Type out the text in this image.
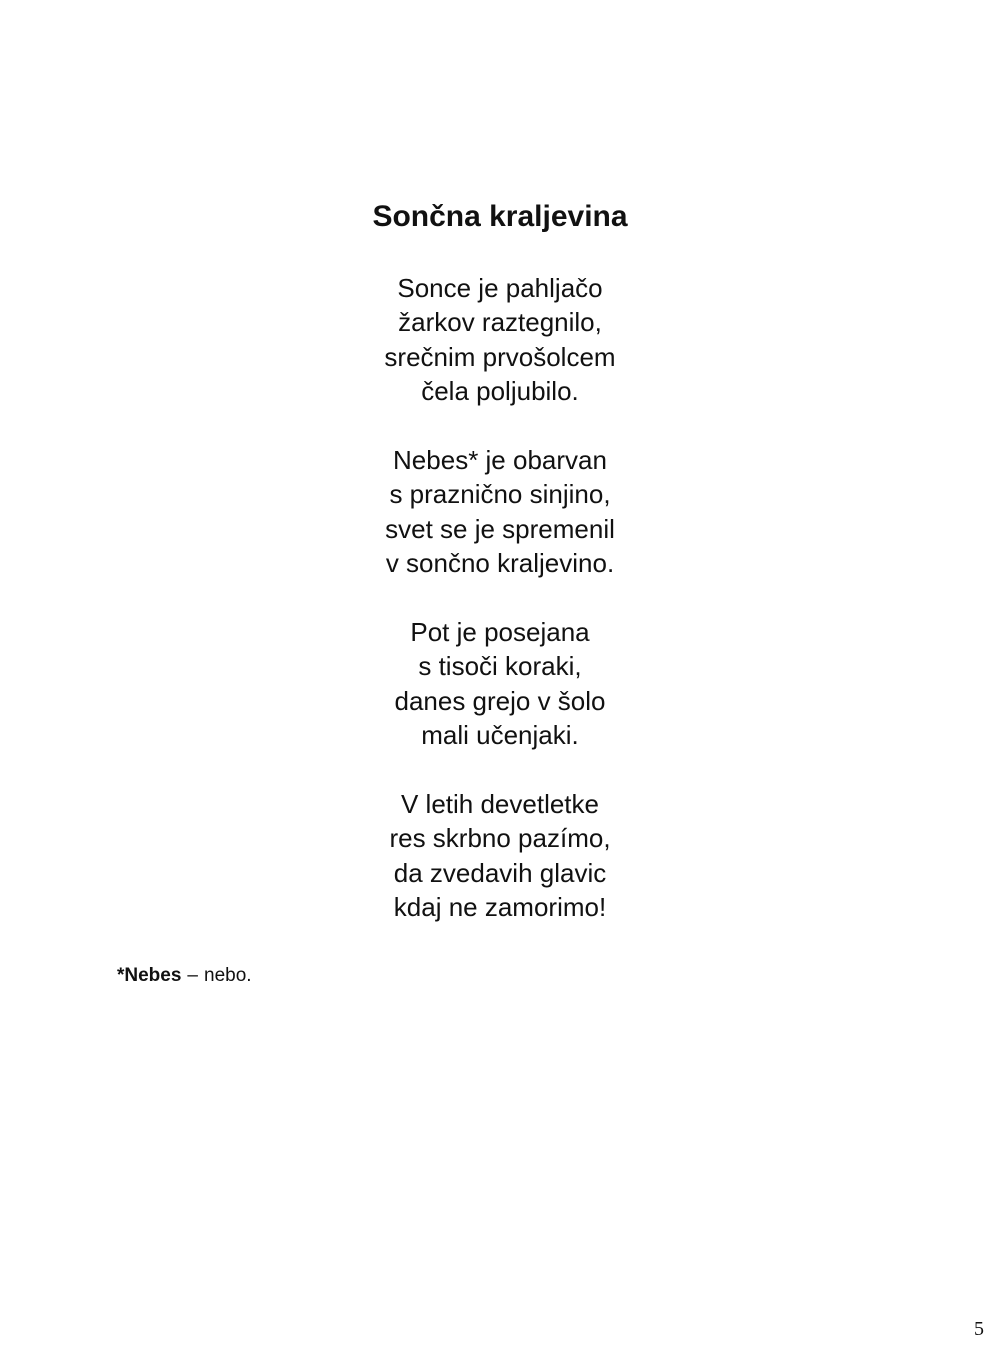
Sončna kraljevina
Sonce je pahljačo
žarkov raztegnilo,
srečnim prvošolcem
čela poljubilo.
Nebes* je obarvan
s praznično sinjino,
svet se je spremenil
v sončno kraljevino.
Pot je posejana
s tisoči koraki,
danes grejo v šolo
mali učenjaki.
V letih devetletke
res skrbno pazímo,
da zvedavih glavic
kdaj ne zamorimo!
*Nebes – nebo.
5
